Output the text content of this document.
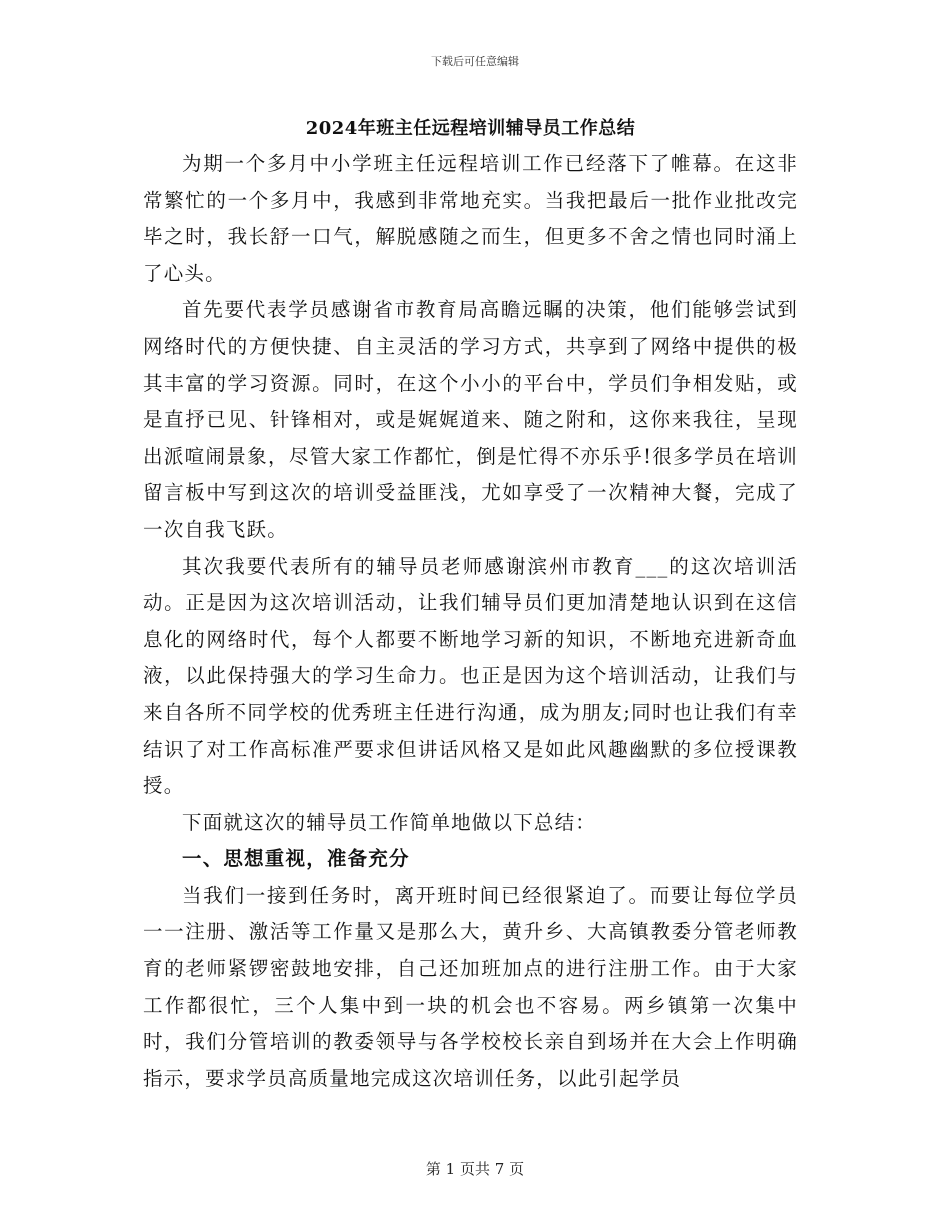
下载后可任意编辑
2024年班主任远程培训辅导员工作总结

为期一个多月中小学班主任远程培训工作已经落下了帷幕。在这非常繁忙的一个多月中，我感到非常地充实。当我把最后一批作业批改完毕之时，我长舒一口气，解脱感随之而生，但更多不舍之情也同时涌上了心头。

首先要代表学员感谢省市教育局高瞻远瞩的决策，他们能够尝试到网络时代的方便快捷、自主灵活的学习方式，共享到了网络中提供的极其丰富的学习资源。同时，在这个小小的平台中，学员们争相发贴，或是直抒已见、针锋相对，或是娓娓道来、随之附和，这你来我往，呈现出派喧闹景象，尽管大家工作都忙，倒是忙得不亦乐乎!很多学员在培训留言板中写到这次的培训受益匪浅，尤如享受了一次精神大餐，完成了一次自我飞跃。

其次我要代表所有的辅导员老师感谢滨州市教育___的这次培训活动。正是因为这次培训活动，让我们辅导员们更加清楚地认识到在这信息化的网络时代，每个人都要不断地学习新的知识，不断地充进新奇血液，以此保持强大的学习生命力。也正是因为这个培训活动，让我们与来自各所不同学校的优秀班主任进行沟通，成为朋友;同时也让我们有幸结识了对工作高标准严要求但讲话风格又是如此风趣幽默的多位授课教授。

下面就这次的辅导员工作简单地做以下总结：

一、思想重视，准备充分

当我们一接到任务时，离开班时间已经很紧迫了。而要让每位学员一一注册、激活等工作量又是那么大，黄升乡、大高镇教委分管老师教育的老师紧锣密鼓地安排，自己还加班加点的进行注册工作。由于大家工作都很忙，三个人集中到一块的机会也不容易。两乡镇第一次集中时，我们分管培训的教委领导与各学校校长亲自到场并在大会上作明确指示，要求学员高质量地完成这次培训任务，以此引起学员

第 1 页共 7 页
